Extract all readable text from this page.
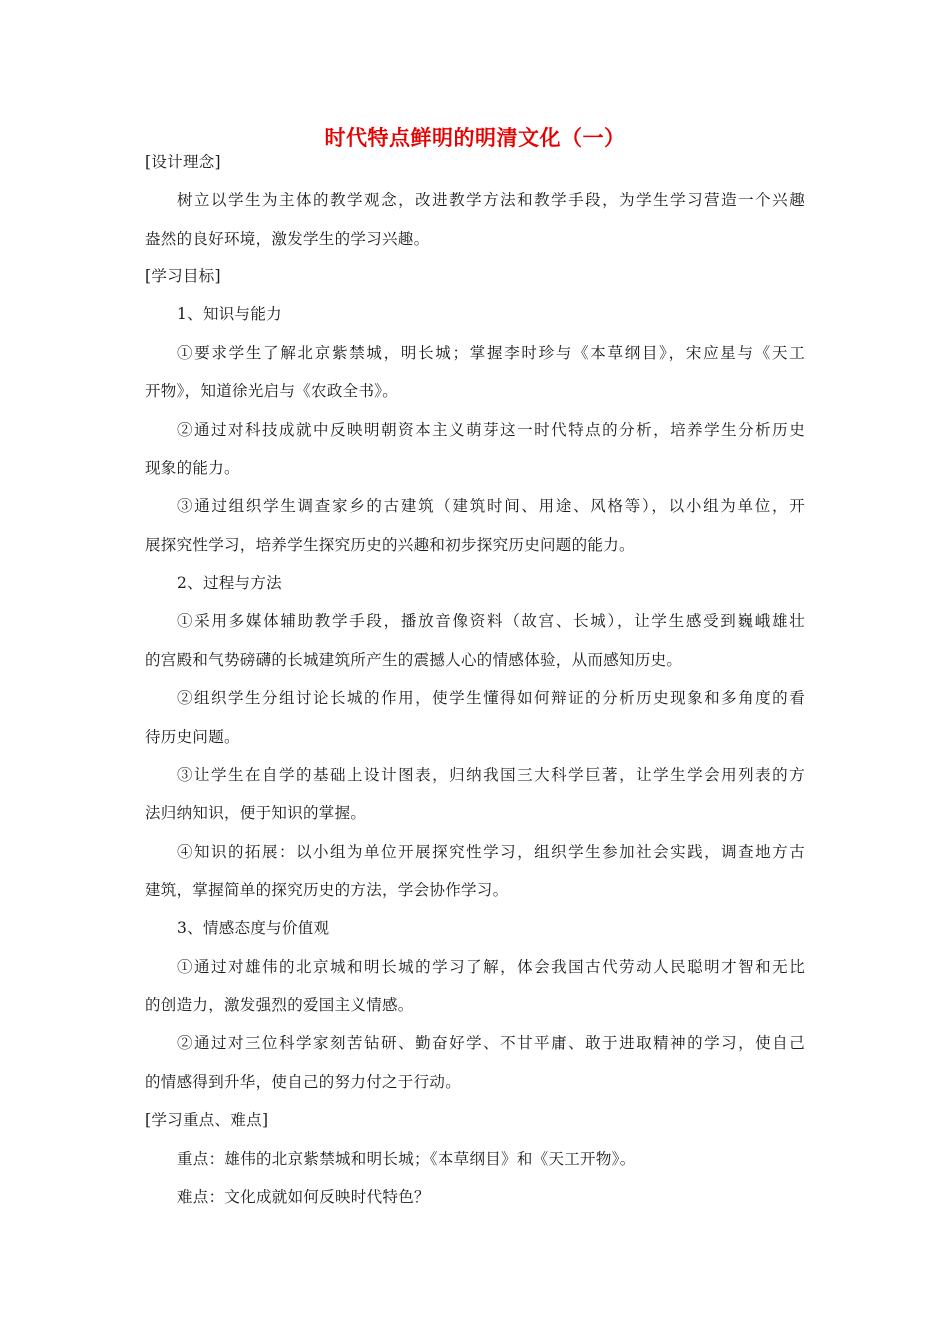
时代特点鲜明的明清文化（一）
[设计理念]
树立以学生为主体的教学观念，改进教学方法和教学手段，为学生学习营造一个兴趣
盎然的良好环境，激发学生的学习兴趣。
[学习目标]
1、知识与能力
①要求学生了解北京紫禁城，明长城；掌握李时珍与《本草纲目》，宋应星与《天工
开物》，知道徐光启与《农政全书》。
②通过对科技成就中反映明朝资本主义萌芽这一时代特点的分析，培养学生分析历史
现象的能力。
③通过组织学生调查家乡的古建筑（建筑时间、用途、风格等），以小组为单位，开
展探究性学习，培养学生探究历史的兴趣和初步探究历史问题的能力。
2、过程与方法
①采用多媒体辅助教学手段，播放音像资料（故宫、长城），让学生感受到巍峨雄壮
的宫殿和气势磅礴的长城建筑所产生的震撼人心的情感体验，从而感知历史。
②组织学生分组讨论长城的作用，使学生懂得如何辩证的分析历史现象和多角度的看
待历史问题。
③让学生在自学的基础上设计图表，归纳我国三大科学巨著，让学生学会用列表的方
法归纳知识，便于知识的掌握。
④知识的拓展：以小组为单位开展探究性学习，组织学生参加社会实践，调查地方古
建筑，掌握简单的探究历史的方法，学会协作学习。
3、情感态度与价值观
①通过对雄伟的北京城和明长城的学习了解，体会我国古代劳动人民聪明才智和无比
的创造力，激发强烈的爱国主义情感。
②通过对三位科学家刻苦钻研、勤奋好学、不甘平庸、敢于进取精神的学习，使自己
的情感得到升华，使自己的努力付之于行动。
[学习重点、难点]
重点：雄伟的北京紫禁城和明长城；《本草纲目》和《天工开物》。
难点：文化成就如何反映时代特色？
